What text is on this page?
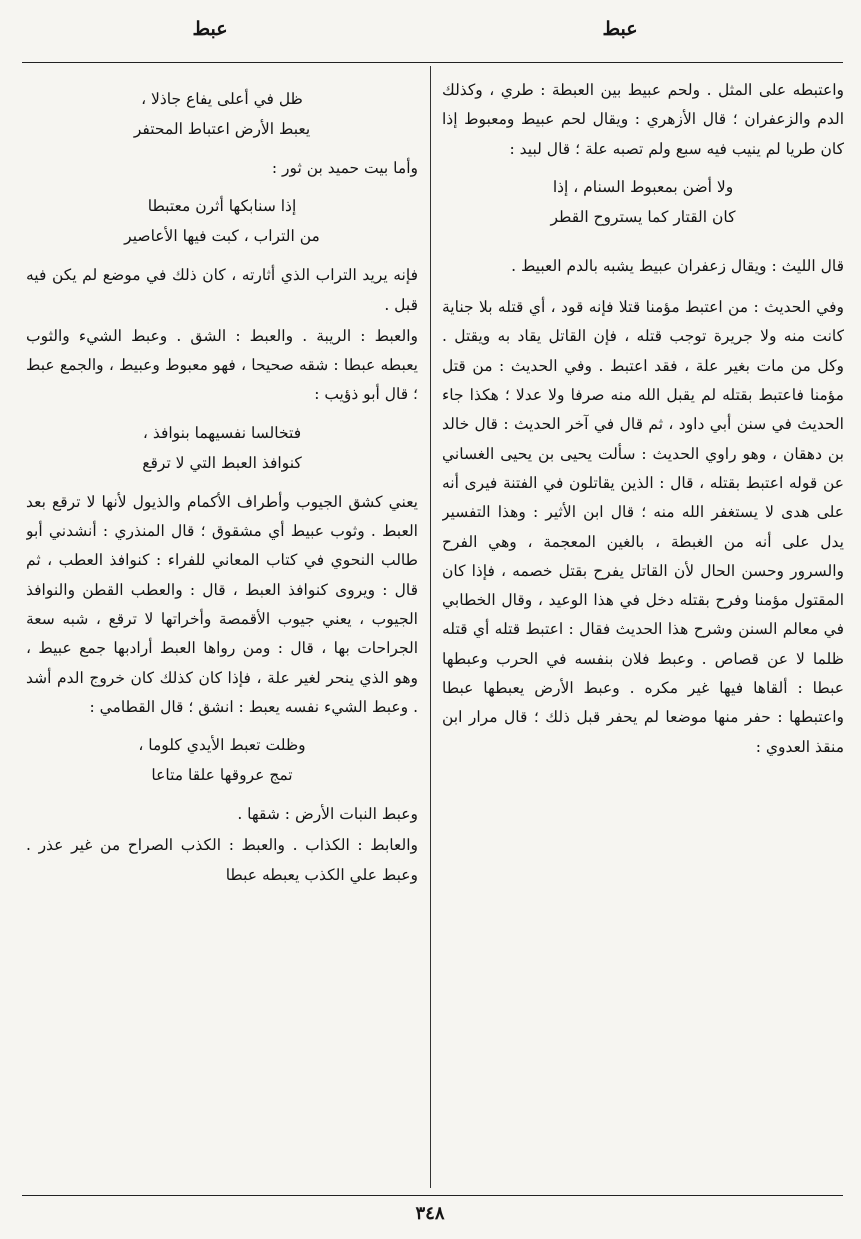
عبط
عبط

واعتبطه على المثل . ولحم عبيط بين العبطة : طري ، وكذلك الدم والزعفران ؛ قال الأزهري : ويقال لحم عبيط ومعبوط إذا كان طريا لم ينيب فيه سبع ولم تصبه علة ؛ قال لبيد :

ولا أضن بمعبوط السنام ، إذا
كان القتار كما يستروح القطر

قال الليث : ويقال زعفران عبيط يشبه بالدم العبيط .

وفي الحديث : من اعتبط مؤمنا قتلا فإنه قود ، أي قتله بلا جناية كانت منه ولا جريرة توجب قتله ، فإن القاتل يقاد به ويقتل . وكل من مات بغير علة ، فقد اعتبط . وفي الحديث : من قتل مؤمنا فاعتبط بقتله لم يقبل الله منه صرفا ولا عدلا ؛ هكذا جاء الحديث في سنن أبي داود ، ثم قال في آخر الحديث : قال خالد بن دهقان ، وهو راوي الحديث : سألت يحيى بن يحيى الغساني عن قوله اعتبط بقتله ، قال : الذين يقاتلون في الفتنة فيرى أنه على هدى لا يستغفر الله منه ؛ قال ابن الأثير : وهذا التفسير يدل على أنه من الغبطة ، بالغين المعجمة ، وهي الفرح والسرور وحسن الحال لأن القاتل يفرح بقتل خصمه ، فإذا كان المقتول مؤمنا وفرح بقتله دخل في هذا الوعيد ، وقال الخطابي في معالم السنن وشرح هذا الحديث فقال : اعتبط قتله أي قتله ظلما لا عن قصاص . وعبط فلان بنفسه في الحرب وعبطها عبطا : ألقاها فيها غير مكره . وعبط الأرض يعبطها عبطا واعتبطها : حفر منها موضعا لم يحفر قبل ذلك ؛ قال مرار ابن منقذ العدوي :

ظل في أعلى يفاع جاذلا ،
يعبط الأرض اعتباط المحتفر

وأما بيت حميد بن ثور :

إذا سنابكها أثرن معتبطا
من التراب ، كبت فيها الأعاصير

فإنه يريد التراب الذي أثارته ، كان ذلك في موضع لم يكن فيه قبل .

والعبط : الريبة . والعبط : الشق . وعبط الشيء والثوب يعبطه عبطا : شقه صحيحا ، فهو معبوط وعبيط ، والجمع عبط ؛ قال أبو ذؤيب :

فتخالسا نفسيهما بنوافذ ،
كنوافذ العبط التي لا ترقع

يعني كشق الجيوب وأطراف الأكمام والذيول لأنها لا ترقع بعد العبط . وثوب عبيط أي مشقوق ؛ قال المنذري : أنشدني أبو طالب النحوي في كتاب المعاني للفراء : كنوافذ العطب ، ثم قال : ويروى كنوافذ العبط ، قال : والعطب القطن والنوافذ الجيوب ، يعني جيوب الأقمصة وأخراتها لا ترقع ، شبه سعة الجراحات بها ، قال : ومن رواها العبط أرادبها جمع عبيط ، وهو الذي ينحر لغير علة ، فإذا كان كذلك كان خروج الدم أشد . وعبط الشيء نفسه يعبط : انشق ؛ قال القطامي :

وظلت تعبط الأيدي كلوما ،
تمج عروقها علقا متاعا

وعبط النبات الأرض : شقها .

والعابط : الكذاب . والعبط : الكذب الصراح من غير عذر . وعبط علي الكذب يعبطه عبطا

٣٤٨
